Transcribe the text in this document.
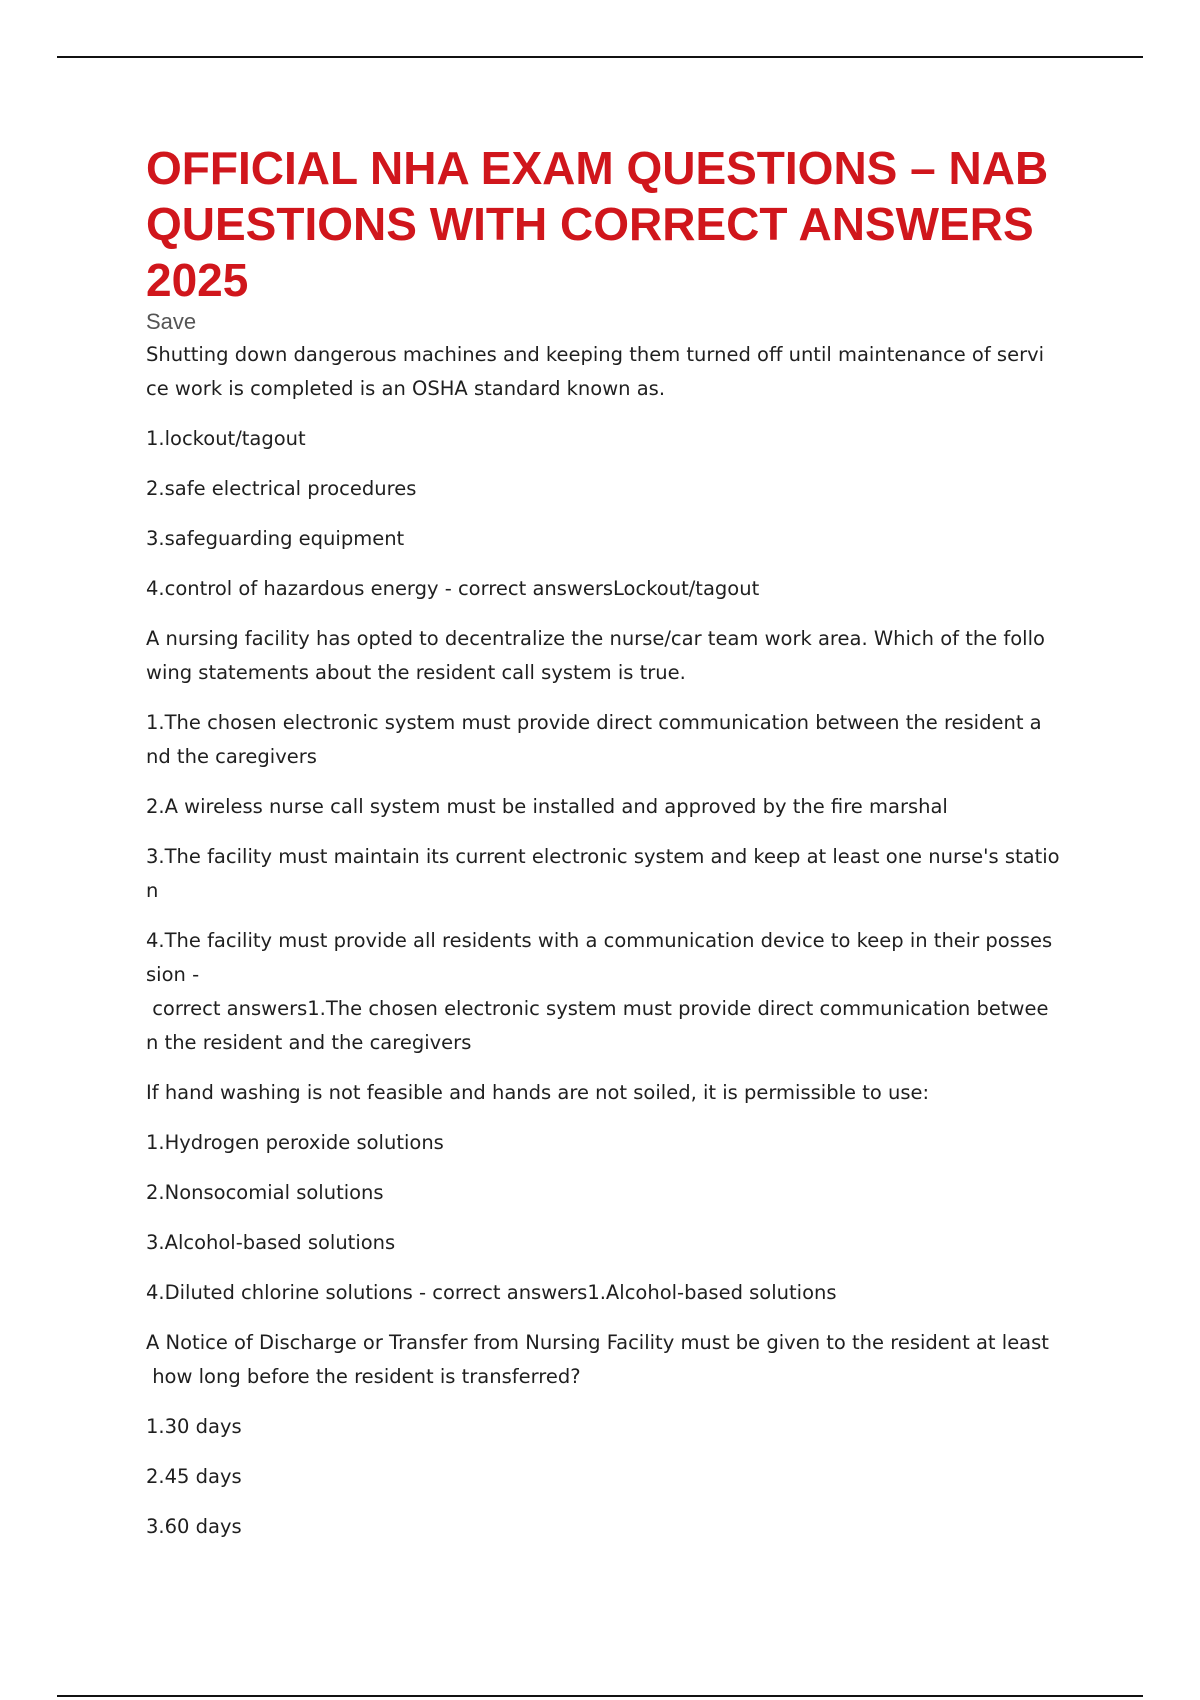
OFFICIAL NHA EXAM QUESTIONS – NAB QUESTIONS WITH CORRECT ANSWERS 2025
Save

Shutting down dangerous machines and keeping them turned off until maintenance of servi
ce work is completed is an OSHA standard known as.

1.lockout/tagout

2.safe electrical procedures

3.safeguarding equipment

4.control of hazardous energy - correct answersLockout/tagout

A nursing facility has opted to decentralize the nurse/car team work area. Which of the follo
wing statements about the resident call system is true.

1.The chosen electronic system must provide direct communication between the resident a
nd the caregivers

2.A wireless nurse call system must be installed and approved by the fire marshal

3.The facility must maintain its current electronic system and keep at least one nurse's statio
n

4.The facility must provide all residents with a communication device to keep in their posses
sion -

correct answers1.The chosen electronic system must provide direct communication betwee
n the resident and the caregivers

If hand washing is not feasible and hands are not soiled, it is permissible to use:

1.Hydrogen peroxide solutions

2.Nonsocomial solutions

3.Alcohol-based solutions

4.Diluted chlorine solutions - correct answers1.Alcohol-based solutions

A Notice of Discharge or Transfer from Nursing Facility must be given to the resident at least
how long before the resident is transferred?

1.30 days

2.45 days

3.60 days
